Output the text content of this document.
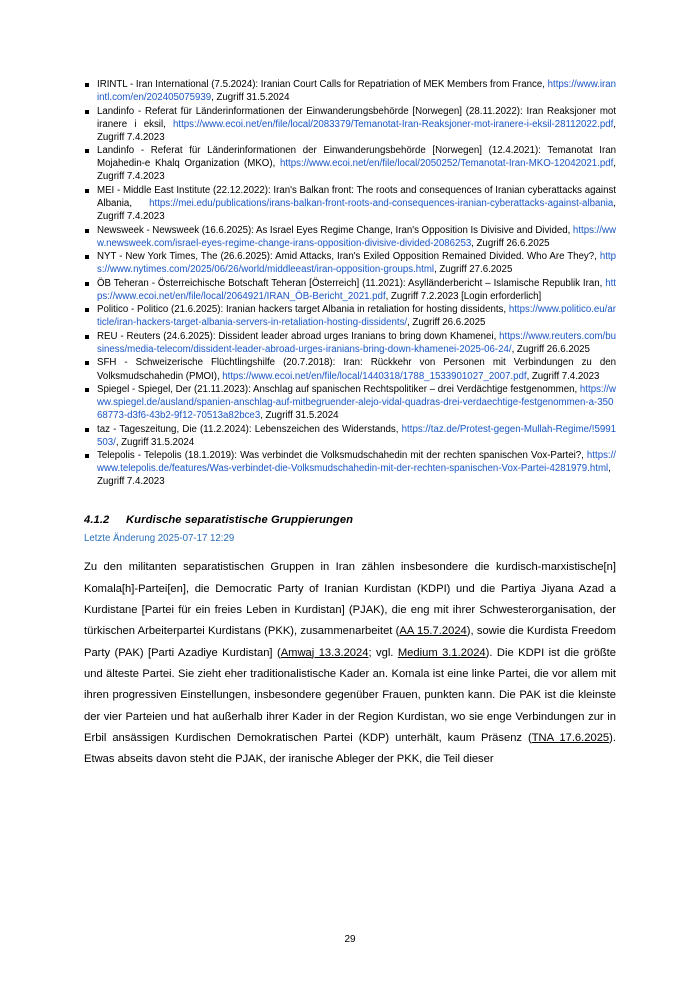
IRINTL - Iran International (7.5.2024): Iranian Court Calls for Repatriation of MEK Members from France, https://www.iranintl.com/en/202405075939, Zugriff 31.5.2024
Landinfo - Referat für Länderinformationen der Einwanderungsbehörde [Norwegen] (28.11.2022): Iran Reaksjoner mot iranere i eksil, https://www.ecoi.net/en/file/local/2083379/Temanotat-Iran-Reaksjoner-mot-iranere-i-eksil-28112022.pdf, Zugriff 7.4.2023
Landinfo - Referat für Länderinformationen der Einwanderungsbehörde [Norwegen] (12.4.2021): Temanotat Iran Mojahedin-e Khalq Organization (MKO), https://www.ecoi.net/en/file/local/2050252/Temanotat-Iran-MKO-12042021.pdf, Zugriff 7.4.2023
MEI - Middle East Institute (22.12.2022): Iran's Balkan front: The roots and consequences of Iranian cyberattacks against Albania, https://mei.edu/publications/irans-balkan-front-roots-and-consequences-iranian-cyberattacks-against-albania, Zugriff 7.4.2023
Newsweek - Newsweek (16.6.2025): As Israel Eyes Regime Change, Iran's Opposition Is Divisive and Divided, https://www.newsweek.com/israel-eyes-regime-change-irans-opposition-divisive-divided-2086253, Zugriff 26.6.2025
NYT - New York Times, The (26.6.2025): Amid Attacks, Iran's Exiled Opposition Remained Divided. Who Are They?, https://www.nytimes.com/2025/06/26/world/middleeast/iran-opposition-groups.html, Zugriff 27.6.2025
ÖB Teheran - Österreichische Botschaft Teheran [Österreich] (11.2021): Asylländerbericht – Islamische Republik Iran, https://www.ecoi.net/en/file/local/2064921/IRAN_ÖB-Bericht_2021.pdf, Zugriff 7.2.2023 [Login erforderlich]
Politico - Politico (21.6.2025): Iranian hackers target Albania in retaliation for hosting dissidents, https://www.politico.eu/article/iran-hackers-target-albania-servers-in-retaliation-hosting-dissidents/, Zugriff 26.6.2025
REU - Reuters (24.6.2025): Dissident leader abroad urges Iranians to bring down Khamenei, https://www.reuters.com/business/media-telecom/dissident-leader-abroad-urges-iranians-bring-down-khamenei-2025-06-24/, Zugriff 26.6.2025
SFH - Schweizerische Flüchtlingshilfe (20.7.2018): Iran: Rückkehr von Personen mit Verbindungen zu den Volksmudschahedin (PMOI), https://www.ecoi.net/en/file/local/1440318/1788_1533901027_2007.pdf, Zugriff 7.4.2023
Spiegel - Spiegel, Der (21.11.2023): Anschlag auf spanischen Rechtspolitiker – drei Verdächtige festgenommen, https://www.spiegel.de/ausland/spanien-anschlag-auf-mitbegruender-alejo-vidal-quadras-drei-verdaechtige-festgenommen-a-35068773-d3f6-43b2-9f12-70513a82bce3, Zugriff 31.5.2024
taz - Tageszeitung, Die (11.2.2024): Lebenszeichen des Widerstands, https://taz.de/Protest-gegen-Mullah-Regime/!5991503/, Zugriff 31.5.2024
Telepolis - Telepolis (18.1.2019): Was verbindet die Volksmudschahedin mit der rechten spanischen Vox-Partei?, https://www.telepolis.de/features/Was-verbindet-die-Volksmudschahedin-mit-der-rechten-spanischen-Vox-Partei-4281979.html, Zugriff 7.4.2023
4.1.2 Kurdische separatistische Gruppierungen
Letzte Änderung 2025-07-17 12:29

Zu den militanten separatistischen Gruppen in Iran zählen insbesondere die kurdisch-marxistische[n] Komala[h]-Partei[en], die Democratic Party of Iranian Kurdistan (KDPI) und die Partiya Jiyana Azad a Kurdistane [Partei für ein freies Leben in Kurdistan] (PJAK), die eng mit ihrer Schwesterorganisation, der türkischen Arbeiterpartei Kurdistans (PKK), zusammenarbeitet (AA 15.7.2024), sowie die Kurdista Freedom Party (PAK) [Parti Azadiye Kurdistan] (Amwaj 13.3.2024; vgl. Medium 3.1.2024). Die KDPI ist die größte und älteste Partei. Sie zieht eher traditionalistische Kader an. Komala ist eine linke Partei, die vor allem mit ihren progressiven Einstellungen, insbesondere gegenüber Frauen, punkten kann. Die PAK ist die kleinste der vier Parteien und hat außerhalb ihrer Kader in der Region Kurdistan, wo sie enge Verbindungen zur in Erbil ansässigen Kurdischen Demokratischen Partei (KDP) unterhält, kaum Präsenz (TNA 17.6.2025). Etwas abseits davon steht die PJAK, der iranische Ableger der PKK, die Teil dieser

29
